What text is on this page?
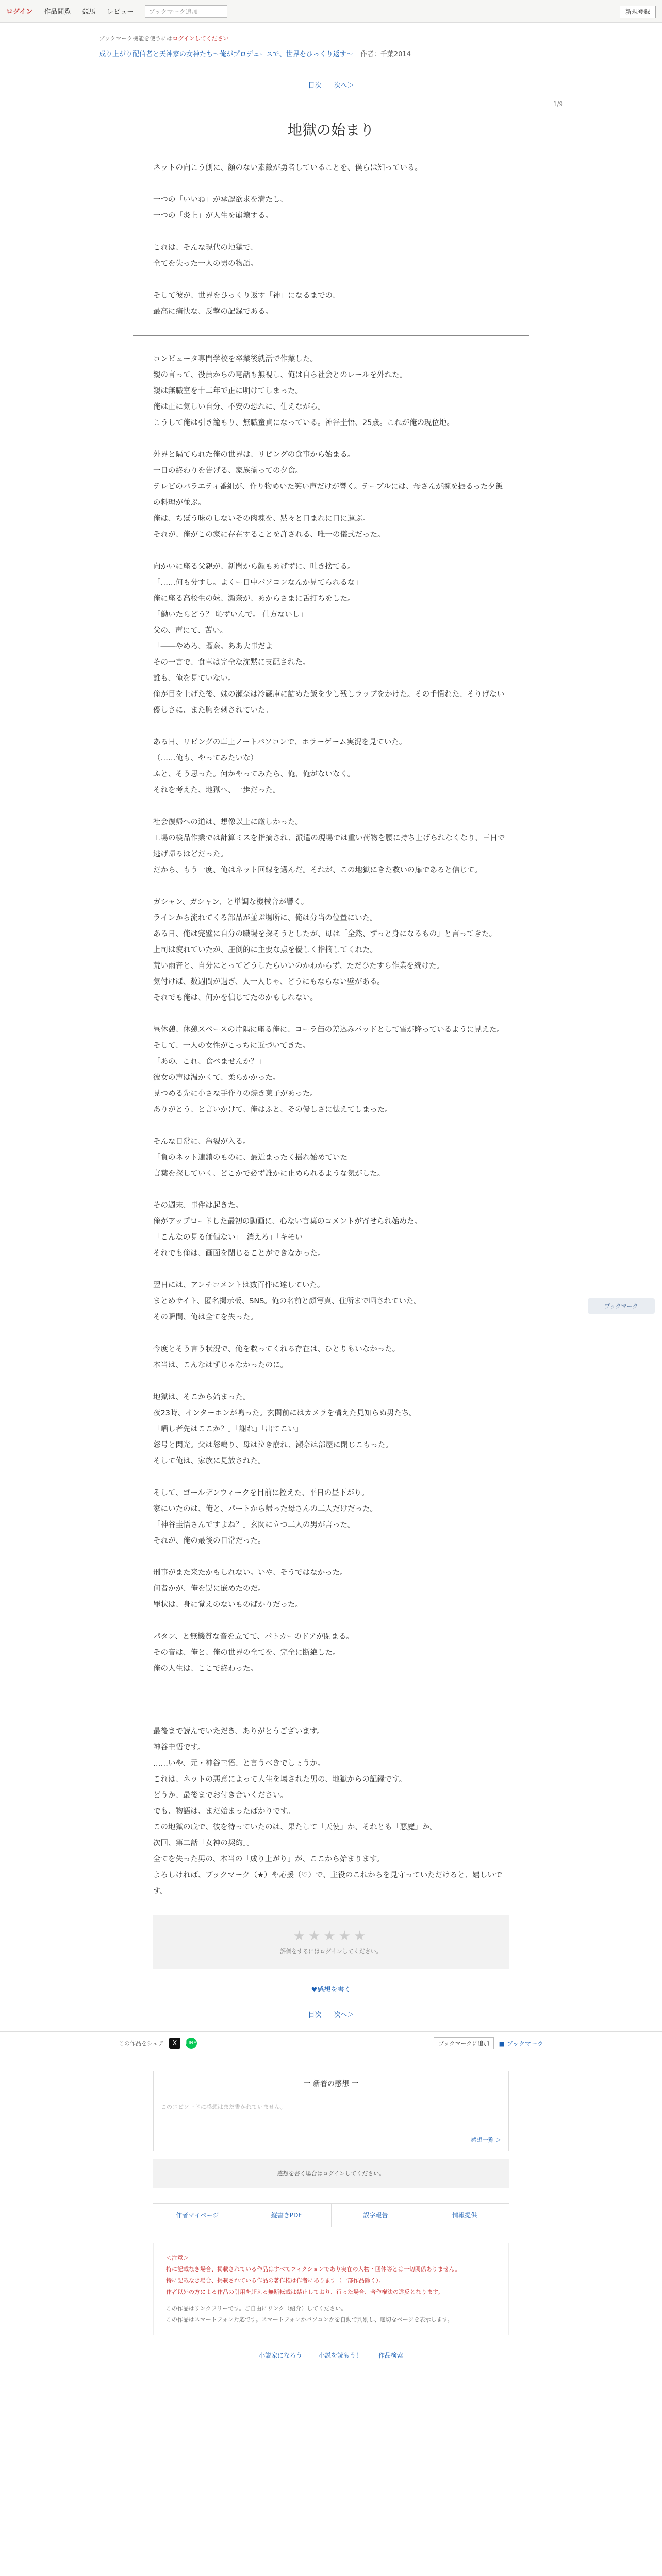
ログイン 作品閲覧 競馬 レビュー	ブックマーク追加	新規登録
ブックマーク機能を使うにはログインしてください
成り上がり配信者と天神家の女神たち〜俺がプロデュースで、世界をひっくり返す〜 作者：千葉2014
目次 次へ＞
1/9
地獄の始まり

ネットの向こう側に、顔のない素敵が勇者していることを、僕らは知っている。

一つの「いいね」が承認欲求を満たし、

一つの「炎上」が人生を崩壊する。

これは、そんな現代の地獄で、

全てを失った一人の男の物語。

そして彼が、世界をひっくり返す「神」になるまでの、

最高に痛快な、反撃の記録である。

コンビュータ専門学校を卒業後就活で作業した。

親の言って、役員からの電話も無視し、俺は自ら社会とのレールを外れた。

親は無職室を十二年で正に明けてしまった。

俺は正に気しい自分、不安の恐れに、仕えながら。

こうして俺は引き籠もり、無職童貞になっている。神谷圭悟、25歳。これが俺の現位地。

外界と隔てられた俺の世界は、リビングの食事から始まる。

一日の終わりを告げる、家族揃っての夕食。

テレビのバラエティ番組が、作り物めいた笑い声だけが響く。テーブルには、母さんが腕を振るった夕飯の料理が並ぶ。

俺は、ちぼう味のしないその肉塊を、黙々と口まれに口に運ぶ。

それが、俺がこの家に存在することを許される、唯一の儀式だった。

向かいに座る父親が、新聞から顔もあげずに、吐き捨てる。

「……何も分すし。よくー日中パソコンなんか見てられるな」

俺に座る高校生の妹、瀬奈が、あからさまに舌打ちをした。

「働いたらどう？ 恥ずいんで。 仕方ないし」

父の、声にて、苦い。

「――やめろ、瑠奈。ああ大事だよ」

その一言で、食卓は完全な沈黙に支配された。

誰も、俺を見ていない。

俺が目を上げた後、妹の瀬奈は冷蔵庫に詰めた飯を少し残しラップをかけた。その手慣れた、そりげない優しさに、また胸を刺されていた。

ある日、リビングの卓上ノートパソコンで、ホラーゲーム実況を見ていた。

（……俺も、やってみたいな）

ふと、そう思った。何かやってみたら、俺、俺がないなく。

それを考えた、地獄へ、一歩だった。

社会復帰への道は、想像以上に厳しかった。

工場の検品作業では計算ミスを指摘され、派遣の現場では重い荷物を腰に持ち上げられなくなり、三日で逃げ帰るほどだった。

だから、もう一度、俺はネット回線を選んだ。それが、この地獄にきた救いの扉であると信じて。

ガシャン、ガシャン、と単調な機械音が響く。

ラインから流れてくる部品が並ぶ場所に、俺は分当の位置にいた。

ある日、俺は完璧に自分の職場を探そうとしたが、母は「全然、ずっと身になるもの」と言ってきた。

上司は疲れていたが、圧倒的に主要な点を優しく指摘してくれた。

荒い雨音と、自分にとってどうしたらいいのかわからず、ただひたすら作業を続けた。

気付けば、数週間が過ぎ、人一人じゃ、どうにもならない壁がある。

それでも俺は、何かを信じてたのかもしれない。

昼休憩、休憩スペースの片隅に座る俺に、コーラ缶の差込みパッドとして雪が降っているように見えた。

そして、一人の女性がこっちに近づいてきた。

「あの、これ、食べませんか？」

彼女の声は温かくて、柔らかかった。

見つめる先に小さな手作りの焼き菓子があった。

ありがとう、と言いかけて、俺はふと、その優しさに怯えてしまった。

そんな日常に、亀裂が入る。

「負のネット連鎖のものに、最近まったく揺れ始めていた」

言葉を探していく、どこかで必ず誰かに止められるような気がした。

その週末、事件は起きた。

俺がアップロードした最初の動画に、心ない言葉のコメントが寄せられ始めた。

「こんなの見る価値ない」「消えろ」「キモい」

それでも俺は、画面を閉じることができなかった。

翌日には、アンチコメントは数百件に達していた。

まとめサイト、匿名掲示板、SNS。俺の名前と顔写真、住所まで晒されていた。

その瞬間、俺は全てを失った。

今度とそう言う状況で、俺を救ってくれる存在は、ひとりもいなかった。

本当は、こんなはずじゃなかったのに。

地獄は、そこから始まった。

夜23時、インターホンが鳴った。玄関前にはカメラを構えた見知らぬ男たち。

「晒し者先はここか？」「謝れ」「出てこい」

怒号と閃光。父は怒鳴り、母は泣き崩れ、瀬奈は部屋に閉じこもった。

そして俺は、家族に見放された。

そして、ゴールデンウィークを目前に控えた、平日の昼下がり。

家にいたのは、俺と、パートから帰った母さんの二人だけだった。

「神谷圭悟さんですよね？」玄関に立つ二人の男が言った。

それが、俺の最後の日常だった。

刑事がまた来たかもしれない。いや、そうではなかった。

何者かが、俺を罠に嵌めたのだ。

罪状は、身に覚えのないものばかりだった。

パタン、と無機質な音を立てて、パトカーのドアが閉まる。

その音は、俺と、俺の世界の全てを、完全に断絶した。

俺の人生は、ここで終わった。

ブックマーク

最後まで読んでいただき、ありがとうございます。

神谷圭悟です。

……いや、元・神谷圭悟、と言うべきでしょうか。

これは、ネットの悪意によって人生を壊された男の、地獄からの記録です。

どうか、最後までお付き合いください。

でも、物語は、まだ始まったばかりです。

この地獄の底で、彼を待っていたのは、果たして「天使」か、それとも「悪魔」か。

次回、第二話「女神の契約」。

全てを失った男の、本当の「成り上がり」が、ここから始まります。

よろしければ、ブックマーク（★）や応援（♡）で、主役のこれからを見守っていただけると、嬉しいです。

★★★★★
評価をするにはログインしてください。
♥感想を書く
目次 次へ＞
この作品をシェア	X	LINE	ブックマークに追加	■ ブックマーク
一 新着の感想 一
このエピソードに感想はまだ書かれていません。
感想一覧 ＞
感想を書く場合はログインしてください。
作者マイページ	縦書きPDF	誤字報告	情報提供
＜注意＞
特に記載なき場合、掲載されている作品はすべてフィクションであり実在の人物・団体等とは一切関係ありません。
特に記載なき場合、掲載されている作品の著作権は作者にあります（一部作品除く）。
作者以外の方による作品の引用を超える無断転載は禁止しており、行った場合、著作権法の違反となります。
この作品はリンクフリーです。ご自由にリンク（紹介）してください。
この作品はスマートフォン対応です。スマートフォンかパソコンかを自動で判別し、適切なページを表示します。
小説家になろう	小説を読もう！	作品検索
